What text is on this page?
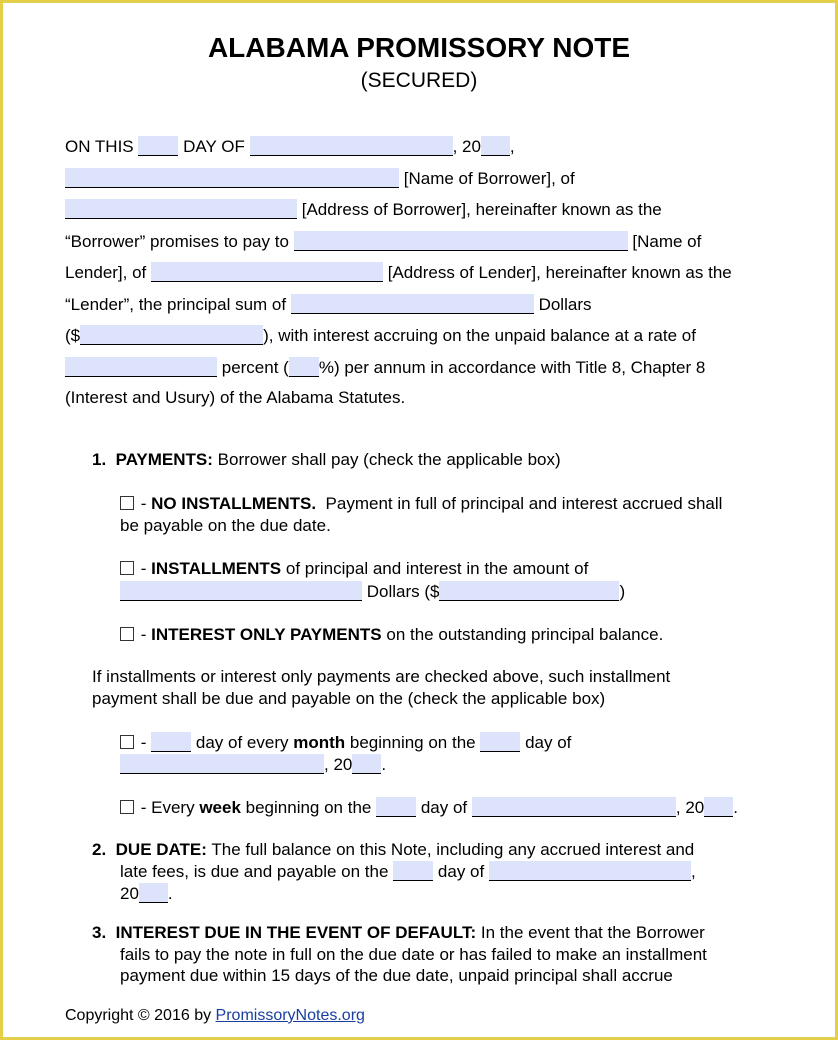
ALABAMA PROMISSORY NOTE
(SECURED)
ON THIS	DAY OF	, 20 ,
[Name of Borrower], of
[Address of Borrower], hereinafter known as the
“Borrower” promises to pay to	[Name of
Lender], of	[Address of Lender], hereinafter known as the
“Lender”, the principal sum of	Dollars
($	), with interest accruing on the unpaid balance at a rate of
percent ( %) per annum in accordance with Title 8, Chapter 8
(Interest and Usury) of the Alabama Statutes.
1. PAYMENTS: Borrower shall pay (check the applicable box)
- NO INSTALLMENTS. Payment in full of principal and interest accrued shall
be payable on the due date.
- INSTALLMENTS of principal and interest in the amount of
Dollars ($	)
- INTEREST ONLY PAYMENTS on the outstanding principal balance.
If installments or interest only payments are checked above, such installment
payment shall be due and payable on the (check the applicable box)
-	day of every month beginning on the	day of
, 20 .
- Every week beginning on the	day of	, 20 .
2. DUE DATE: The full balance on this Note, including any accrued interest and
late fees, is due and payable on the	day of	,
20 .
3. INTEREST DUE IN THE EVENT OF DEFAULT: In the event that the Borrower
fails to pay the note in full on the due date or has failed to make an installment
payment due within 15 days of the due date, unpaid principal shall accrue
Copyright © 2016 by PromissoryNotes.org
